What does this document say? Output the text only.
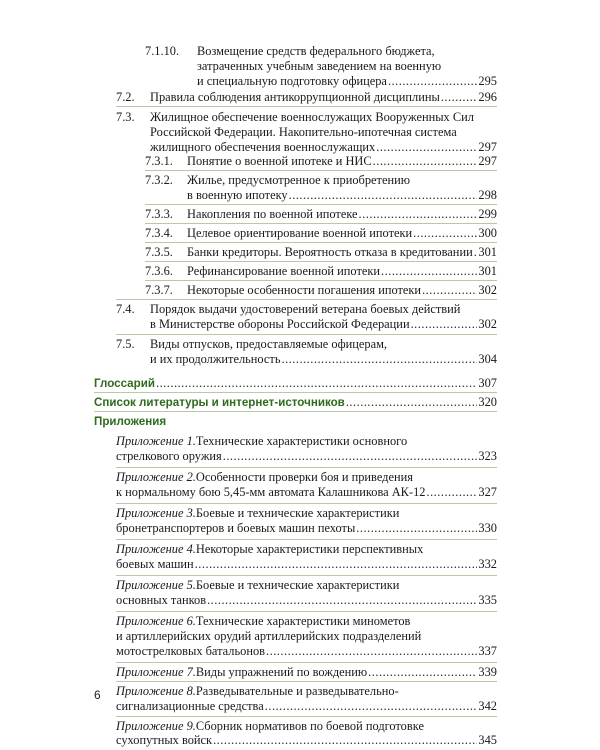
7.1.10.	Возмещение средств федерального бюджета,
затраченных учебным заведением на военную
и специальную подготовку офицера .....	295
7.2.	Правила соблюдения антикоррупционной дисциплины .....	296
7.3.	Жилищное обеспечение военнослужащих Вооруженных Сил
Российской Федерации. Накопительно-ипотечная система
жилищного обеспечения военнослужащих .....	297
7.3.1.	Понятие о военной ипотеке и НИС .....	297
7.3.2.	Жилье, предусмотренное к приобретению
в военную ипотеку .....	298
7.3.3.	Накопления по военной ипотеке .....	299
7.3.4.	Целевое ориентирование военной ипотеки .....	300
7.3.5.	Банки кредиторы. Вероятность отказа в кредитовании ..... 301
7.3.6.	Рефинансирование военной ипотеки .....	301
7.3.7.	Некоторые особенности погашения ипотеки .....	302
7.4.	Порядок выдачи удостоверений ветерана боевых действий
в Министерстве обороны Российской Федерации .....	302
7.5.	Виды отпусков, предоставляемые офицерам,
и их продолжительность .....	304
Глоссарий .....	307
Список литературы и интернет-источников .....	320
Приложения
Приложение 1. Технические характеристики основного
стрелкового оружия .....	323
Приложение 2. Особенности проверки боя и приведения
к нормальному бою 5,45-мм автомата Калашникова АК-12 .....	327
Приложение 3. Боевые и технические характеристики
бронетранспортеров и боевых машин пехоты .....	330
Приложение 4. Некоторые характеристики перспективных
боевых машин .....	332
Приложение 5. Боевые и технические характеристики
основных танков .....	335
Приложение 6. Технические характеристики минометов
и артиллерийских орудий артиллерийских подразделений
мотострелковых батальонов .....	337
Приложение 7. Виды упражнений по вождению .....	339
Приложение 8. Разведывательные и разведывательно-
сигнализационные средства .....	342
Приложение 9. Сборник нормативов по боевой подготовке
сухопутных войск .....	345
6
